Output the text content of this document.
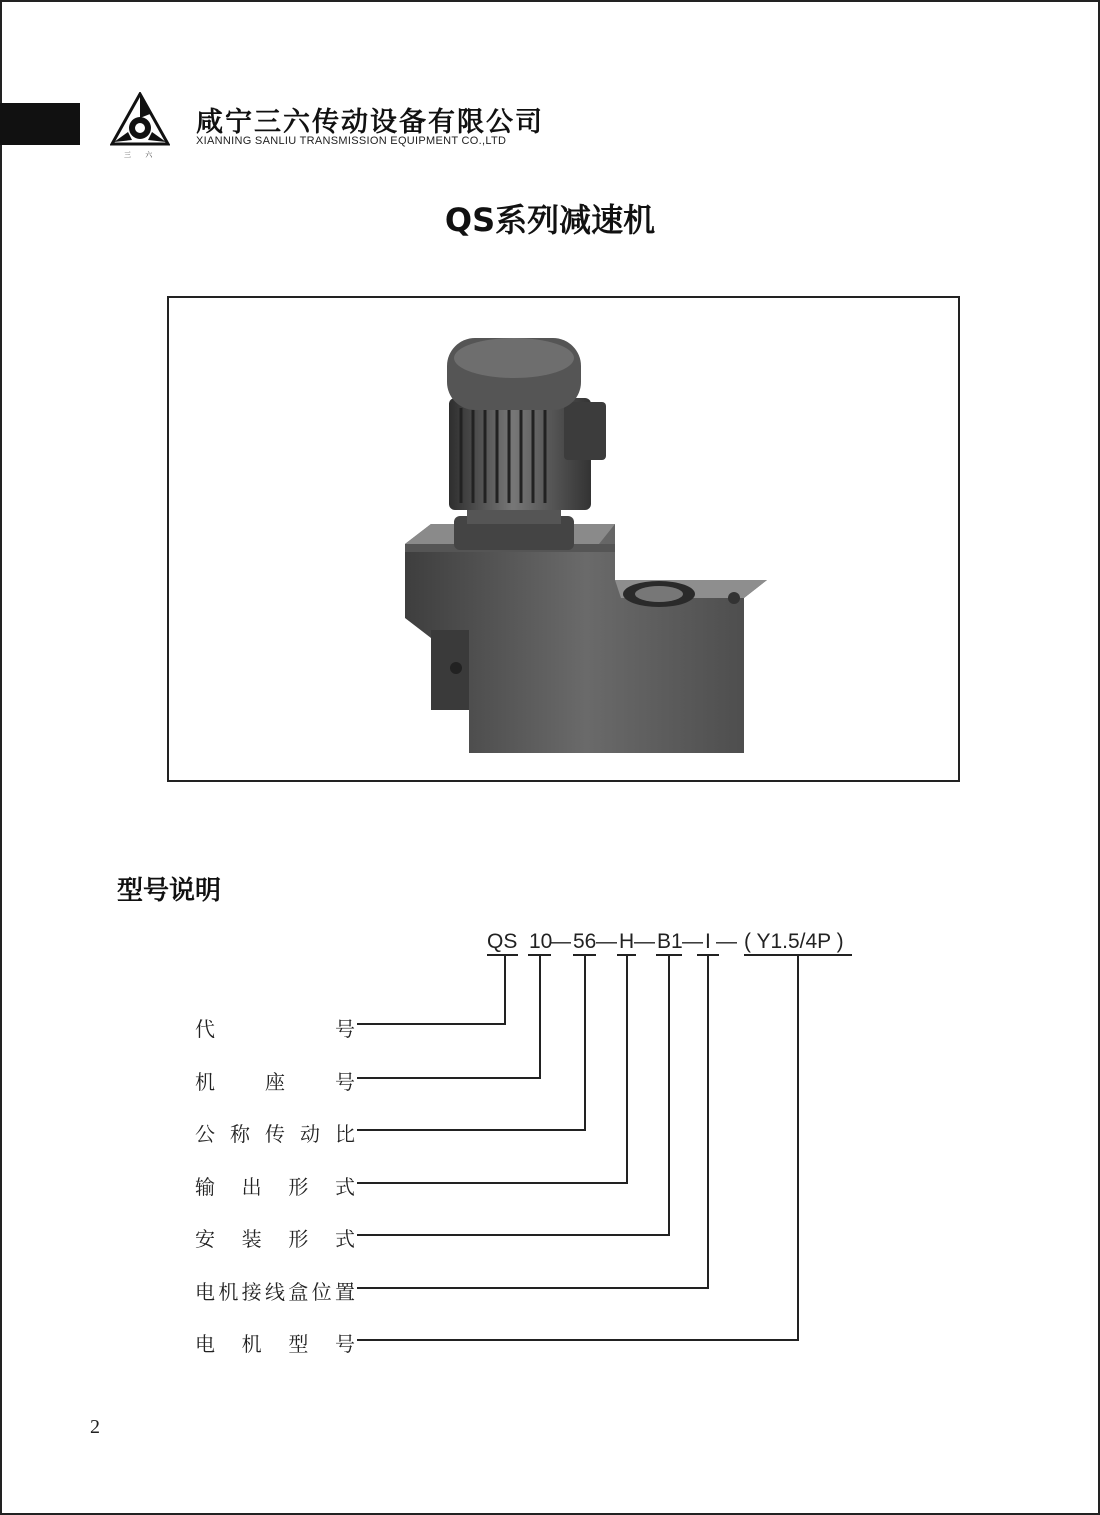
三 六
咸宁三六传动设备有限公司
XIANNING SANLIU TRANSMISSION EQUIPMENT CO.,LTD
QS系列减速机
型号说明
QS 10
— 56 — H — B1 — I — ( Y1.5/4P )
代	号
机	座	号
公 称 传 动 比
输 出 形 式
安 装 形 式
电 机 接 线 盒 位 置
电 机 型 号
2
